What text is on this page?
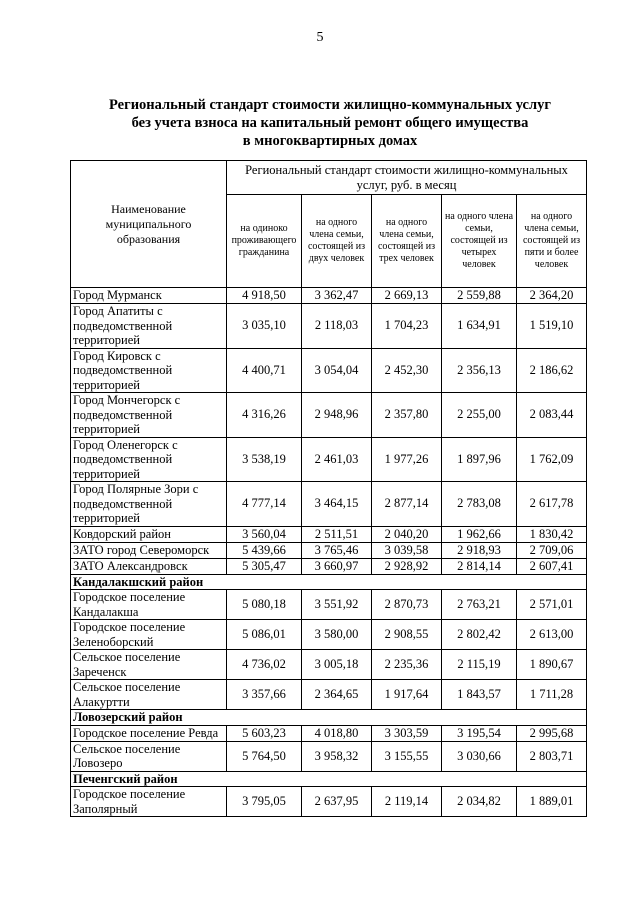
5
Региональный стандарт стоимости жилищно-коммунальных услуг
без учета взноса на капитальный ремонт общего имущества
в многоквартирных домах
Наименование муниципального образования	Региональный стандарт стоимости жилищно-коммунальных услуг, руб. в месяц				
	на одиноко проживающего гражданина	на одного члена семьи, состоящей из двух человек	на одного члена семьи, состоящей из трех человек	на одного члена семьи, состоящей из четырех человек	на одного члена семьи, состоящей из пяти и более человек
Город Мурманск	4 918,50	3 362,47	2 669,13	2 559,88	2 364,20
Город Апатиты с подведомственной территорией	3 035,10	2 118,03	1 704,23	1 634,91	1 519,10
Город Кировск с подведомственной территорией	4 400,71	3 054,04	2 452,30	2 356,13	2 186,62
Город Мончегорск с подведомственной территорией	4 316,26	2 948,96	2 357,80	2 255,00	2 083,44
Город Оленегорск с подведомственной территорией	3 538,19	2 461,03	1 977,26	1 897,96	1 762,09
Город Полярные Зори с подведомственной территорией	4 777,14	3 464,15	2 877,14	2 783,08	2 617,78
Ковдорский район	3 560,04	2 511,51	2 040,20	1 962,66	1 830,42
ЗАТО город Североморск	5 439,66	3 765,46	3 039,58	2 918,93	2 709,06
ЗАТО Александровск	5 305,47	3 660,97	2 928,92	2 814,14	2 607,41
Кандалакшский район					
Городское поселение Кандалакша	5 080,18	3 551,92	2 870,73	2 763,21	2 571,01
Городское поселение Зеленоборский	5 086,01	3 580,00	2 908,55	2 802,42	2 613,00
Сельское поселение Зареченск	4 736,02	3 005,18	2 235,36	2 115,19	1 890,67
Сельское поселение Алакуртти	3 357,66	2 364,65	1 917,64	1 843,57	1 711,28
Ловозерский район					
Городское поселение Ревда	5 603,23	4 018,80	3 303,59	3 195,54	2 995,68
Сельское поселение Ловозеро	5 764,50	3 958,32	3 155,55	3 030,66	2 803,71
Печенгский район					
Городское поселение Заполярный	3 795,05	2 637,95	2 119,14	2 034,82	1 889,01
